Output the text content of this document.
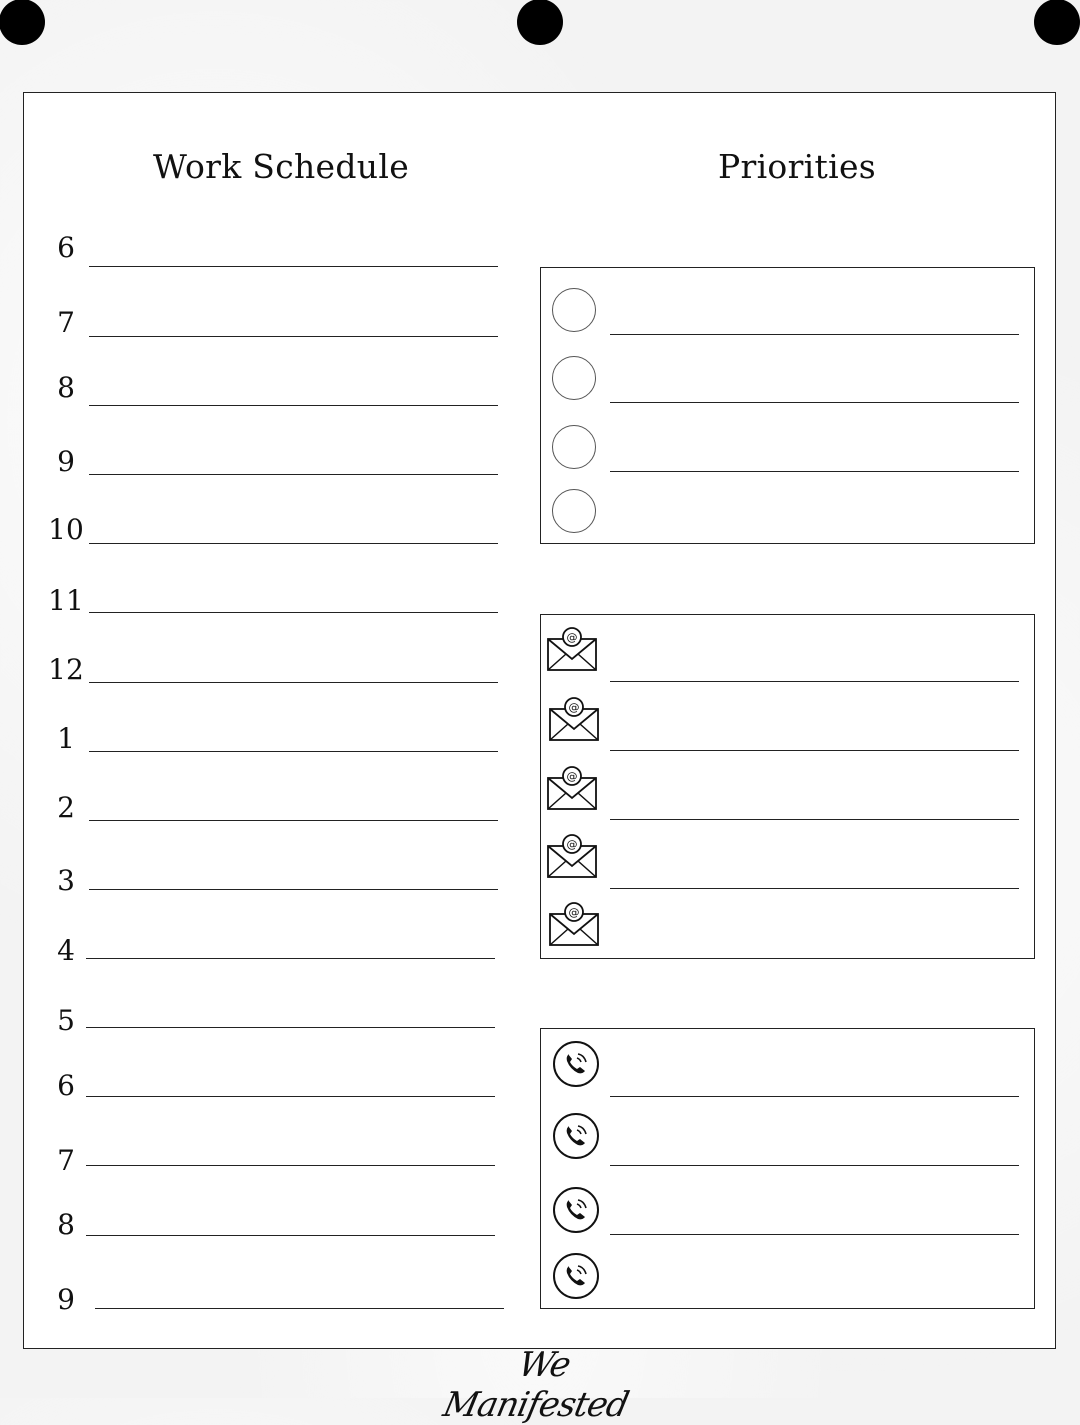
Work Schedule	Priorities
6
7
8
9
10
11
12
1
2
3
4
5
6
7
8
9
@
@
@
@
@
We Manifested
